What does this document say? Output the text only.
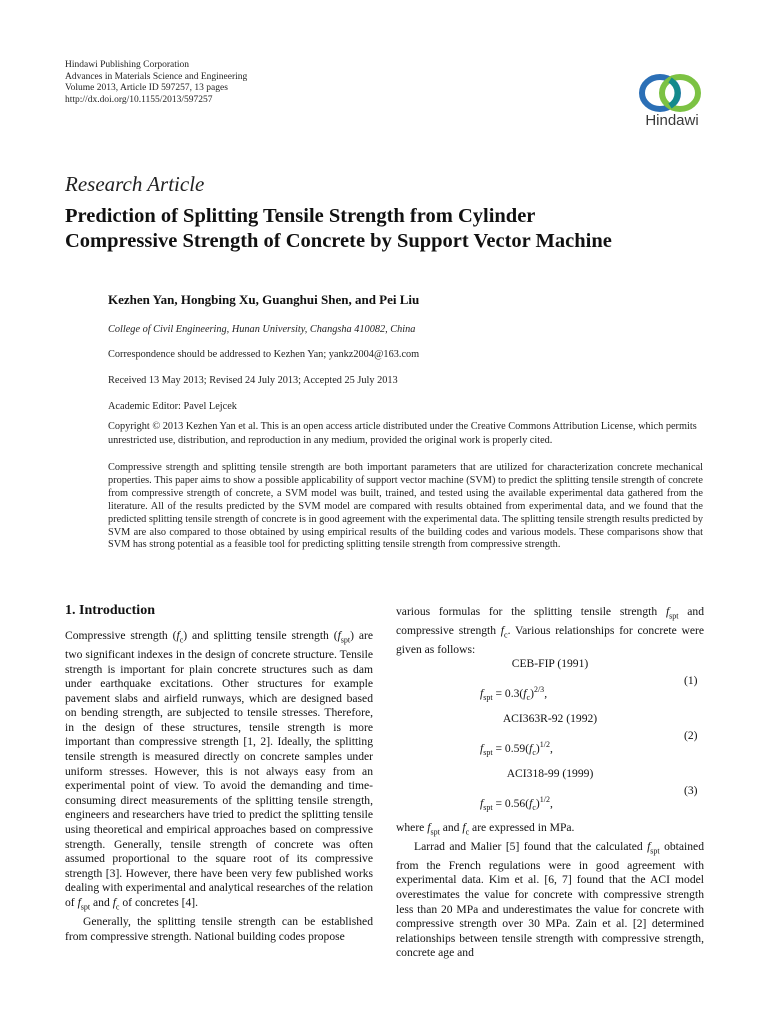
Hindawi Publishing Corporation
Advances in Materials Science and Engineering
Volume 2013, Article ID 597257, 13 pages
http://dx.doi.org/10.1155/2013/597257
Hindawi
Research Article
Prediction of Splitting Tensile Strength from Cylinder
Compressive Strength of Concrete by Support Vector Machine
Kezhen Yan, Hongbing Xu, Guanghui Shen, and Pei Liu
College of Civil Engineering, Hunan University, Changsha 410082, China
Correspondence should be addressed to Kezhen Yan; yankz2004@163.com
Received 13 May 2013; Revised 24 July 2013; Accepted 25 July 2013
Academic Editor: Pavel Lejcek
Copyright © 2013 Kezhen Yan et al. This is an open access article distributed under the Creative Commons Attribution License, which permits unrestricted use, distribution, and reproduction in any medium, provided the original work is properly cited.
Compressive strength and splitting tensile strength are both important parameters that are utilized for characterization concrete mechanical properties. This paper aims to show a possible applicability of support vector machine (SVM) to predict the splitting tensile strength of concrete from compressive strength of concrete, a SVM model was built, trained, and tested using the available experimental data gathered from the literature. All of the results predicted by the SVM model are compared with results obtained from experimental data, and we found that the predicted splitting tensile strength of concrete is in good agreement with the experimental data. The splitting tensile strength results predicted by SVM are also compared to those obtained by using empirical results of the building codes and various models. These comparisons show that SVM has strong potential as a feasible tool for predicting splitting tensile strength from compressive strength.
1. Introduction

Compressive strength $(f_c)$ and splitting tensile strength $(f_{spt})$ are two significant indexes in the design of concrete structure. Tensile strength is important for plain concrete structures such as dam under earthquake excitations. Other structures for example pavement slabs and airfield runways, which are designed based on bending strength, are subjected to tensile stresses. Therefore, in the design of these structures, tensile strength is more important than compressive strength [1, 2]. Ideally, the splitting tensile strength is measured directly on concrete samples under uniform stresses. However, this is not always easy from an experimental point of view. To avoid the demanding and time-consuming direct measurements of the splitting tensile strength, engineers and researchers have tried to predict the splitting tensile using theoretical and empirical approaches based on compressive strength. Generally, tensile strength of concrete was often assumed proportional to the square root of its compressive strength [3]. However, there have been very few published works dealing with experimental and analytical researches of the relation of $f_{spt}$ and $f_c$ of concretes [4].

Generally, the splitting tensile strength can be established from compressive strength. National building codes propose

various formulas for the splitting tensile strength $f_{spt}$ and compressive strength $f_c$. Various relationships for concrete were given as follows:

CEB-FIP (1991)
$f_{spt} = 0.3(f_c)^{2/3}$,
(1)
ACI363R-92 (1992)
$f_{spt} = 0.59(f_c)^{1/2}$,
(2)
ACI318-99 (1999)
$f_{spt} = 0.56(f_c)^{1/2}$,
(3)

where $f_{spt}$ and $f_c$ are expressed in MPa.

Larrad and Malier [5] found that the calculated $f_{spt}$ obtained from the French regulations were in good agreement with experimental data. Kim et al. [6, 7] found that the ACI model overestimates the value for concrete with compressive strength less than 20 MPa and underestimates the value for concrete with compressive strength over 30 MPa. Zain et al. [2] determined relationships between tensile strength with compressive strength, concrete age and
